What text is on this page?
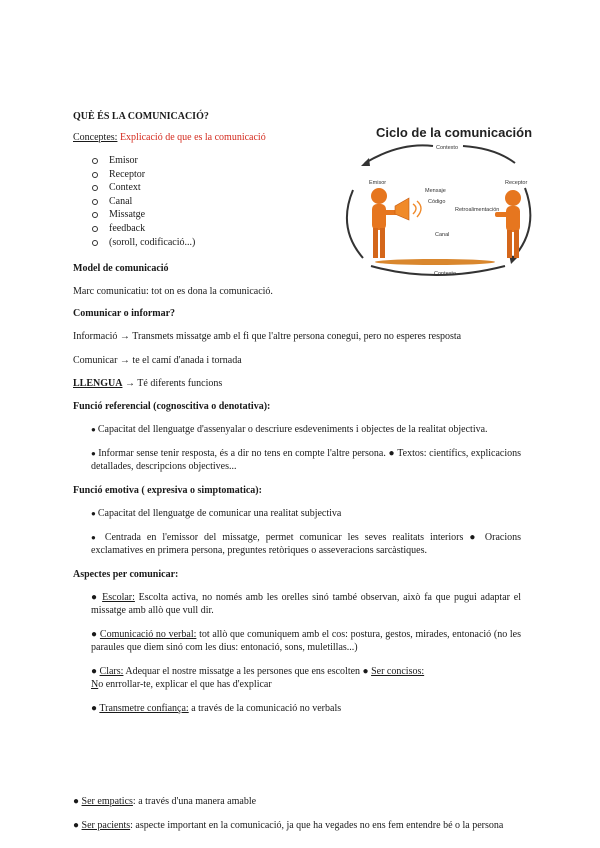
QUÈ ÉS LA COMUNICACIÓ?
Conceptes: Explicació de que es la comunicació
Emisor
Receptor
Context
Canal
Missatge
feedback
(soroll, codificació...)
Ciclo de la comunicación
Contexto
Contexto
Emisor	Receptor
Mensaje
Código
Retroalimentación
Canal
Model de comunicació
Marc comunicatiu: tot on es dona la comunicació.
Comunicar o informar?
Informació → Transmets missatge amb el fi que l'altre persona conegui, pero no esperes resposta
Comunicar → te el camí d'anada i tornada
LLENGUA → Té diferents funcions
Funció referencial (cognoscitiva o denotativa):
● Capacitat del llenguatge d'assenyalar o descriure esdeveniments i objectes de la realitat objectiva.
● Informar sense tenir resposta, és a dir no tens en compte l'altre persona. ● Textos: científics, explicacions detallades, descripcions objectives...
Funció emotiva ( expresiva o simptomatica):
● Capacitat del llenguatge de comunicar una realitat subjectiva
● Centrada en l'emissor del missatge, permet comunicar les seves realitats interiors ● Oracions exclamatives en primera persona, preguntes retòriques o asseveracions sarcàstiques.
Aspectes per comunicar:
● Escolar: Escolta activa, no només amb les orelles sinó també observan, això fa que pugui adaptar el missatge amb allò que vull dir.
● Comunicació no verbal: tot allò que comuniquem amb el cos: postura, gestos, mirades, entonació (no les paraules que diem sinó com les dius: entonació, sons, muletillas...)
● Clars: Adequar el nostre missatge a les persones que ens escolten ● Ser concisos:
No enrrollar-te, explicar el que has d'explicar
● Transmetre confiança: a través de la comunicació no verbals
● Ser empatics: a través d'una manera amable
● Ser pacients: aspecte important en la comunicació, ja que ha vegades no ens fem entendre bé o la persona
